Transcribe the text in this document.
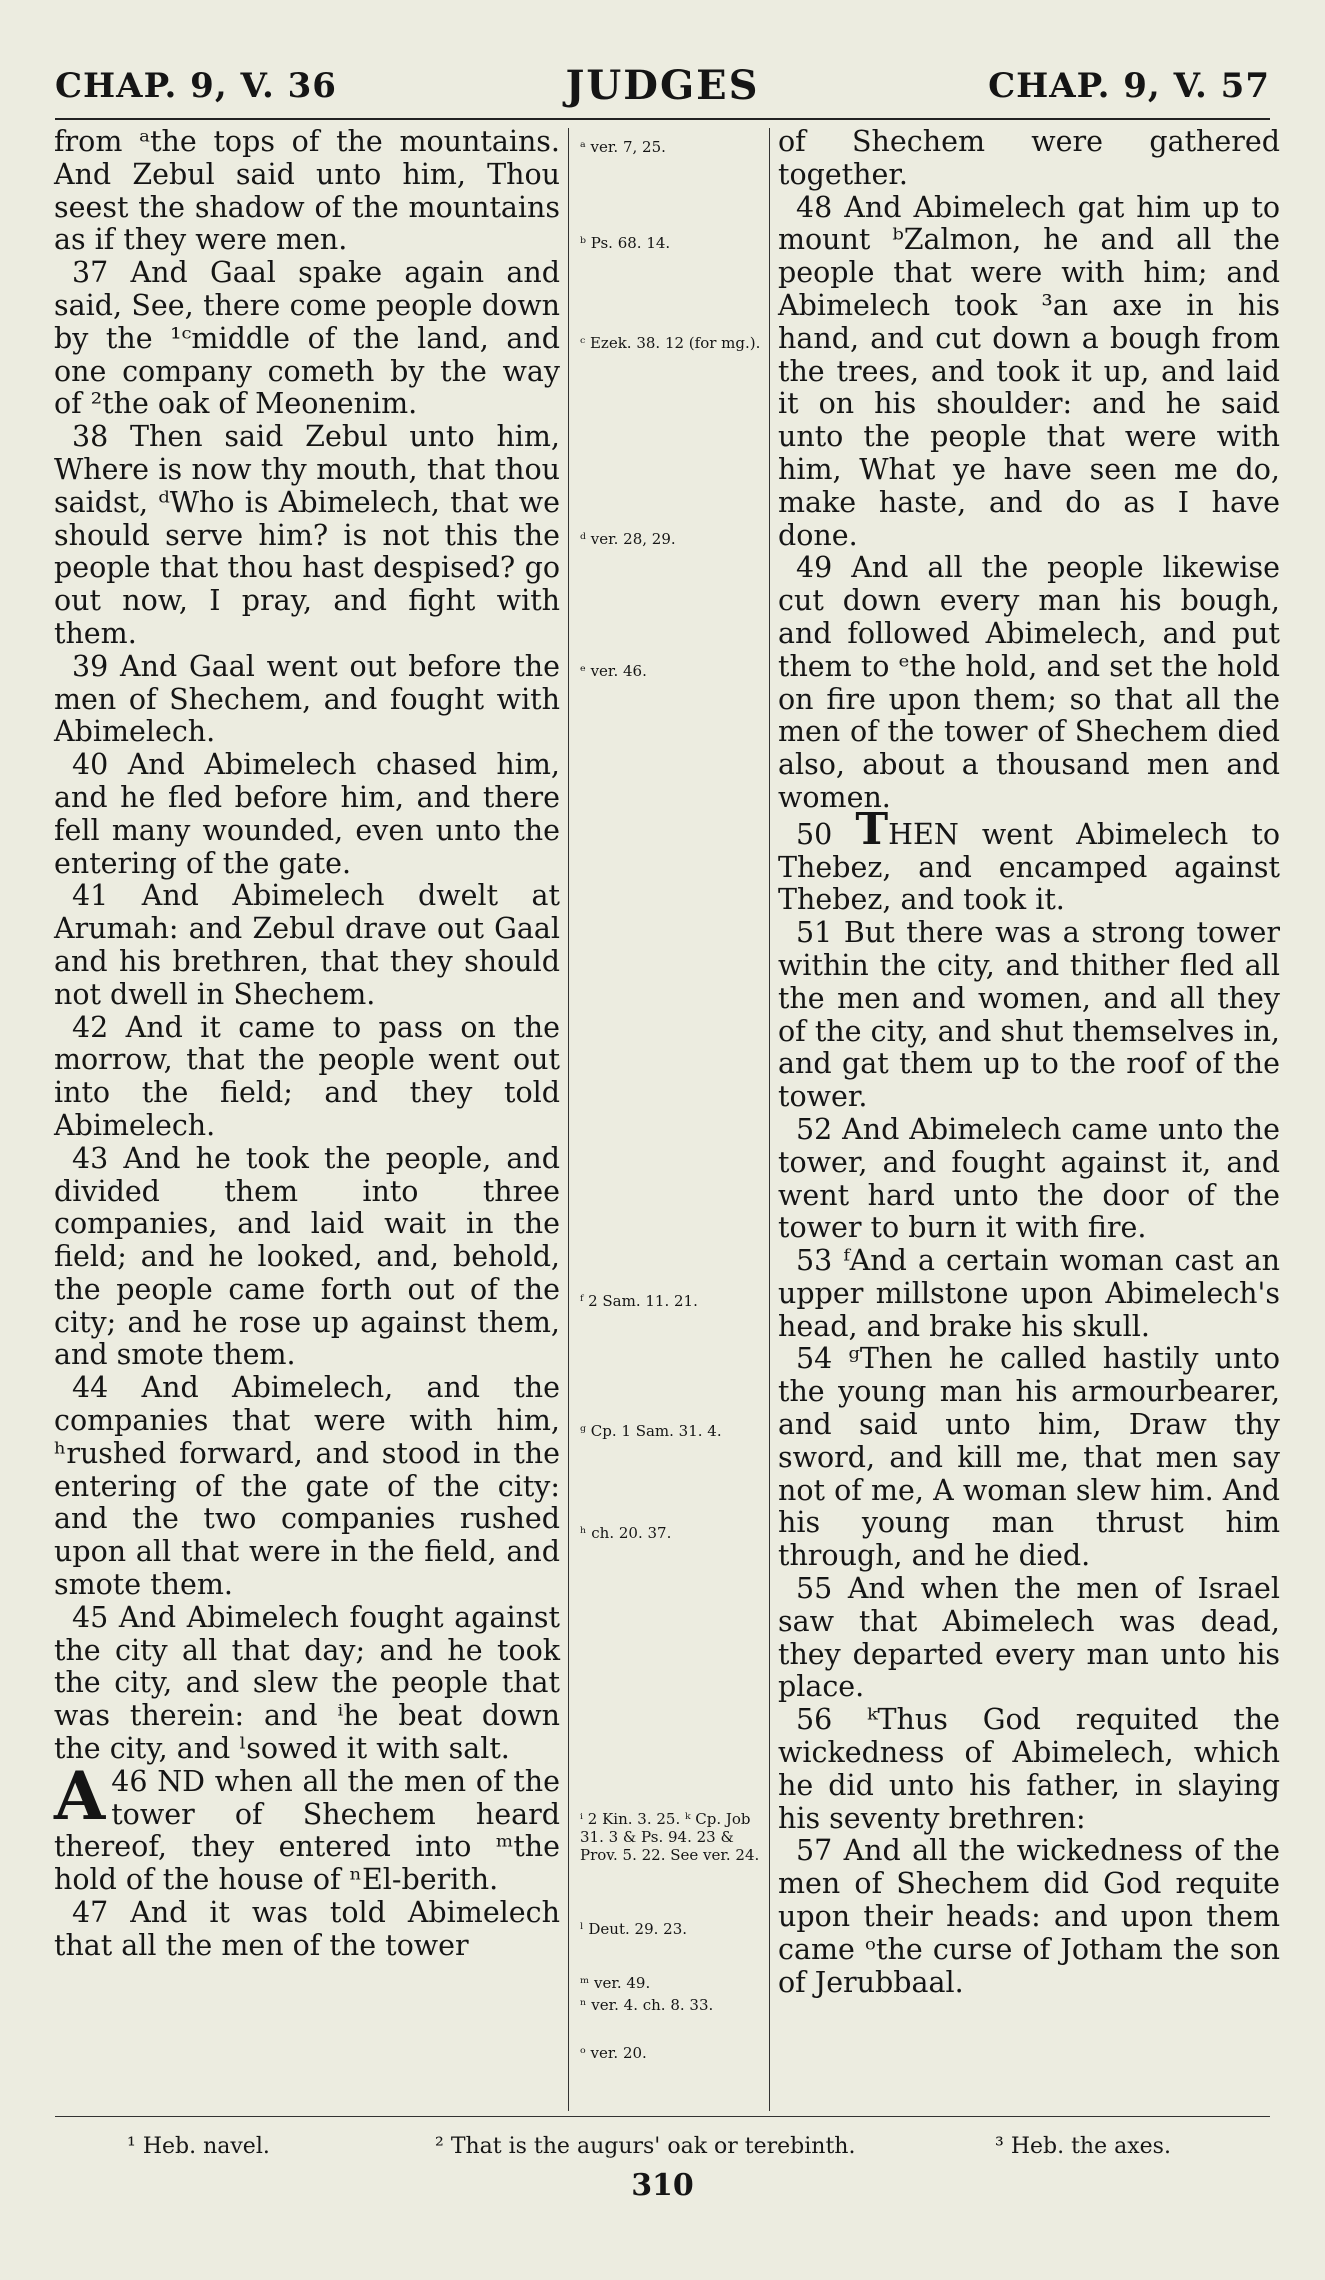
CHAP. 9, V. 36	JUDGES	CHAP. 9, V. 57

from ᵃthe tops of the mountains. And Zebul said unto him, Thou seest the shadow of the mountains as if they were men.

37 And Gaal spake again and said, See, there come people down by the ¹ᶜmiddle of the land, and one company cometh by the way of ²the oak of Meonenim.

38 Then said Zebul unto him, Where is now thy mouth, that thou saidst, ᵈWho is Abimelech, that we should serve him? is not this the people that thou hast despised? go out now, I pray, and fight with them.

39 And Gaal went out before the men of Shechem, and fought with Abimelech.

40 And Abimelech chased him, and he fled before him, and there fell many wounded, even unto the entering of the gate.

41 And Abimelech dwelt at Arumah: and Zebul drave out Gaal and his brethren, that they should not dwell in Shechem.

42 And it came to pass on the morrow, that the people went out into the field; and they told Abimelech.

43 And he took the people, and divided them into three companies, and laid wait in the field; and he looked, and, behold, the people came forth out of the city; and he rose up against them, and smote them.

44 And Abimelech, and the companies that were with him, ʰrushed forward, and stood in the entering of the gate of the city: and the two companies rushed upon all that were in the field, and smote them.

45 And Abimelech fought against the city all that day; and he took the city, and slew the people that was therein: and ⁱhe beat down the city, and ˡsowed it with salt.

46
A ND when all the men of the tower of Shechem heard thereof, they entered into ᵐthe hold of the house of ⁿEl-berith.

47 And it was told Abimelech that all the men of the tower

ᵃ ver. 7, 25.
ᵇ Ps. 68. 14.
ᶜ Ezek. 38. 12 (for mg.).
ᵈ ver. 28, 29.
ᵉ ver. 46.
ᶠ 2 Sam. 11. 21.
ᵍ Cp. 1 Sam. 31. 4.
ʰ ch. 20. 37.
ⁱ 2 Kin. 3. 25. ᵏ Cp. Job 31. 3 & Ps. 94. 23 & Prov. 5. 22. See ver. 24.
ˡ Deut. 29. 23.
ᵐ ver. 49.
ⁿ ver. 4. ch. 8. 33.
ᵒ ver. 20.

of Shechem were gathered together.

48 And Abimelech gat him up to mount ᵇZalmon, he and all the people that were with him; and Abimelech took ³an axe in his hand, and cut down a bough from the trees, and took it up, and laid it on his shoulder: and he said unto the people that were with him, What ye have seen me do, make haste, and do as I have done.

49 And all the people likewise cut down every man his bough, and followed Abimelech, and put them to ᵉthe hold, and set the hold on fire upon them; so that all the men of the tower of Shechem died also, about a thousand men and women.

50 THEN went Abimelech to Thebez, and encamped against Thebez, and took it.

51 But there was a strong tower within the city, and thither fled all the men and women, and all they of the city, and shut themselves in, and gat them up to the roof of the tower.

52 And Abimelech came unto the tower, and fought against it, and went hard unto the door of the tower to burn it with fire.

53 ᶠAnd a certain woman cast an upper millstone upon Abimelech's head, and brake his skull.

54 ᵍThen he called hastily unto the young man his armourbearer, and said unto him, Draw thy sword, and kill me, that men say not of me, A woman slew him. And his young man thrust him through, and he died.

55 And when the men of Israel saw that Abimelech was dead, they departed every man unto his place.

56 ᵏThus God requited the wickedness of Abimelech, which he did unto his father, in slaying his seventy brethren:

57 And all the wickedness of the men of Shechem did God requite upon their heads: and upon them came ᵒthe curse of Jotham the son of Jerubbaal.

¹ Heb. navel.	² That is the augurs' oak or terebinth.	³ Heb. the axes.
310
